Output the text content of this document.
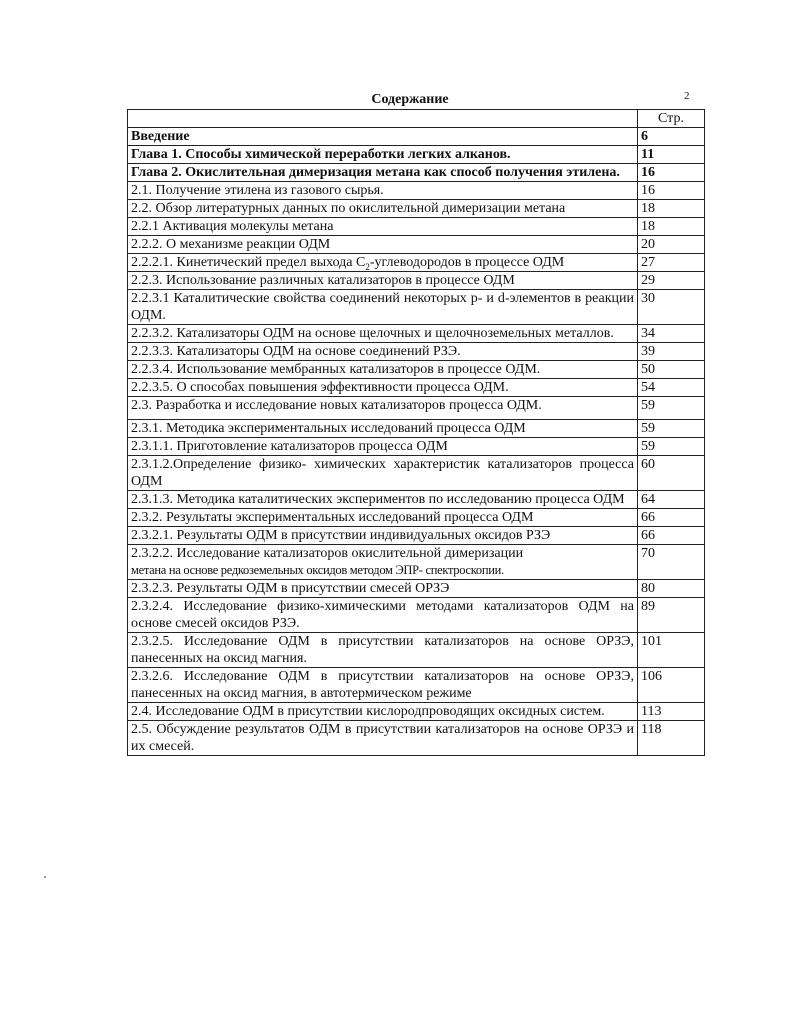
2
Содержание
	Стр.
Введение	6
Глава 1. Способы химической переработки легких алканов.	11
Глава 2. Окислительная димеризация метана как способ получения этилена.	16
2.1. Получение этилена из газового сырья.	16
2.2. Обзор литературных данных по окислительной димеризации метана	18
2.2.1 Активация молекулы метана	18
2.2.2. О механизме реакции ОДМ	20
2.2.2.1. Кинетический предел выхода $С_2$-углеводородов в процессе ОДМ	27
2.2.3. Использование различных катализаторов в процессе ОДМ	29
2.2.3.1 Каталитические свойства соединений некоторых p- и d-элементов в реакции ОДМ.	30
2.2.3.2. Катализаторы ОДМ на основе щелочных и щелочноземельных металлов.	34
2.2.3.3. Катализаторы ОДМ на основе соединений РЗЭ.	39
2.2.3.4. Использование мембранных катализаторов в процессе ОДМ.	50
2.2.3.5. О способах повышения эффективности процесса ОДМ.	54
2.3. Разработка и исследование новых катализаторов процесса ОДМ.	59
2.3.1. Методика экспериментальных исследований процесса ОДМ	59
2.3.1.1. Приготовление катализаторов процесса ОДМ	59
2.3.1.2.Определение физико- химических характеристик катализаторов процесса ОДМ	60
2.3.1.3. Методика каталитических экспериментов по исследованию процесса ОДМ	64
2.3.2. Результаты экспериментальных исследований процесса ОДМ	66
2.3.2.1. Результаты ОДМ в присутствии индивидуальных оксидов РЗЭ	66
2.3.2.2. Исследование катализаторов окислительной димеризации
метана на основе редкоземельных оксидов методом ЭПР- спектроскопии.	70
2.3.2.3. Результаты ОДМ в присутствии смесей ОРЗЭ	80
2.3.2.4. Исследование физико-химическими методами катализаторов ОДМ на основе смесей оксидов РЗЭ.	89
2.3.2.5. Исследование ОДМ в присутствии катализаторов на основе ОРЗЭ, панесенных на оксид магния.	101
2.3.2.6. Исследование ОДМ в присутствии катализаторов на основе ОРЗЭ, панесенных на оксид магния, в автотермическом режиме	106
2.4. Исследование ОДМ в присутствии кислородпроводящих оксидных систем.	113
2.5. Обсуждение результатов ОДМ в присутствии катализаторов на основе ОРЗЭ и их смесей.	118
